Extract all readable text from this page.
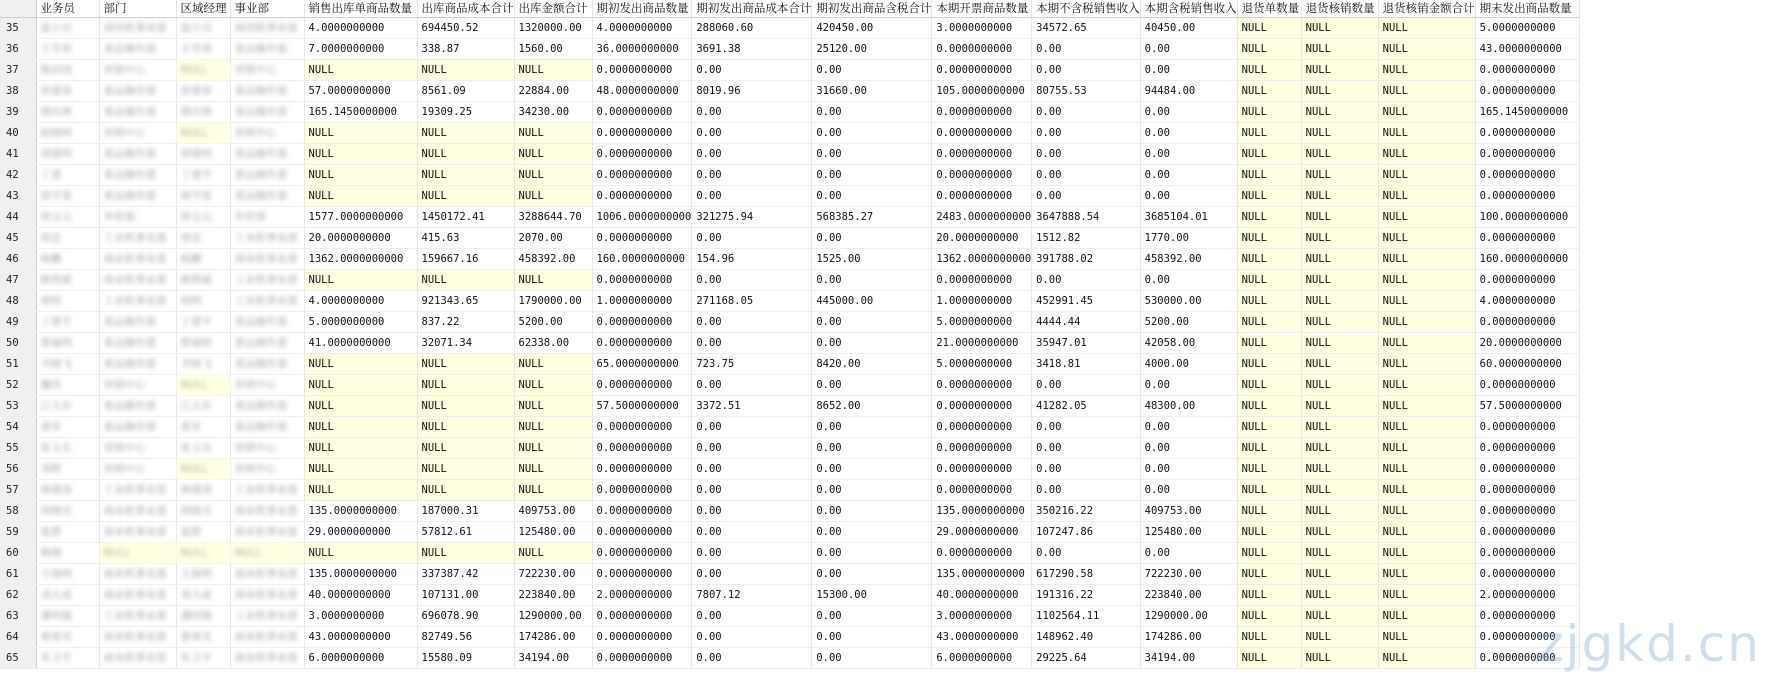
	业务员	部门	区域经理	事业部	销售出库单商品数量	出库商品成本合计	出库金额合计	期初发出商品数量	期初发出商品成本合计	期初发出商品含税合计	本期开票商品数量	本期不含税销售收入	本期含税销售收入	退货单数量	退货核销数量	退货核销金额合计	期末发出商品数量
35	温小贝	商用机事业部	温小贝	商用机事业部	4.0000000000	694450.52	1320000.00	4.0000000000	288060.60	420450.00	3.0000000000	34572.65	40450.00	NULL	NULL	NULL	5.0000000000
36	王雪春	重品操作部	王雪春	重品操作部	7.0000000000	338.87	1560.00	36.0000000000	3691.38	25120.00	0.0000000000	0.00	0.00	NULL	NULL	NULL	43.0000000000
37	陈启国	营销中心	NULL	营销中心	NULL	NULL	NULL	0.0000000000	0.00	0.00	0.0000000000	0.00	0.00	NULL	NULL	NULL	0.0000000000
38	席建春	重品操作部	席建春	重品操作部	57.0000000000	8561.09	22884.00	48.0000000000	8019.96	31660.00	105.0000000000	80755.53	94484.00	NULL	NULL	NULL	0.0000000000
39	韩庆林	重品操作部	韩庆林	重品操作部	165.1450000000	19309.25	34230.00	0.0000000000	0.00	0.00	0.0000000000	0.00	0.00	NULL	NULL	NULL	165.1450000000
40	赵晓明	营销中心	NULL	营销中心	NULL	NULL	NULL	0.0000000000	0.00	0.00	0.0000000000	0.00	0.00	NULL	NULL	NULL	0.0000000000
41	胡建明	重品操作部	胡建明	重品操作部	NULL	NULL	NULL	0.0000000000	0.00	0.00	0.0000000000	0.00	0.00	NULL	NULL	NULL	0.0000000000
42	丁建	重品操作部	丁建平	重品操作部	NULL	NULL	NULL	0.0000000000	0.00	0.00	0.0000000000	0.00	0.00	NULL	NULL	NULL	0.0000000000
43	徐学雷	重品操作部	徐学雷	重品操作部	NULL	NULL	NULL	0.0000000000	0.00	0.00	0.0000000000	0.00	0.00	NULL	NULL	NULL	0.0000000000
44	胡文元	外贸部	胡文元	外贸部	1577.0000000000	1450172.41	3288644.70	1006.0000000000	321275.94	568385.27	2483.0000000000	3647888.54	3685104.01	NULL	NULL	NULL	100.0000000000
45	徐忠	工业机事业部	徐忠	工业机事业部	20.0000000000	415.63	2070.00	0.0000000000	0.00	0.00	20.0000000000	1512.82	1770.00	NULL	NULL	NULL	0.0000000000
46	杨鹏	商业机事业部	杨鹏	商业机事业部	1362.0000000000	159667.16	458392.00	160.0000000000	154.96	1525.00	1362.0000000000	391788.02	458392.00	NULL	NULL	NULL	160.0000000000
47	顾利斌	商业机事业部	顾利斌	工业机事业部	NULL	NULL	NULL	0.0000000000	0.00	0.00	0.0000000000	0.00	0.00	NULL	NULL	NULL	0.0000000000
48	胡明	工业机事业部	胡明	工业机事业部	4.0000000000	921343.65	1790000.00	1.0000000000	271168.05	445000.00	1.0000000000	452991.45	530000.00	NULL	NULL	NULL	4.0000000000
49	丁建平	重品操作部	丁建平	重品操作部	5.0000000000	837.22	5200.00	0.0000000000	0.00	0.00	5.0000000000	4444.44	5200.00	NULL	NULL	NULL	0.0000000000
50	蔡福明	重品操作部	蔡福明	重品操作部	41.0000000000	32071.34	62338.00	0.0000000000	0.00	0.00	21.0000000000	35947.01	42058.00	NULL	NULL	NULL	20.0000000000
51	齐晓飞	重品操作部	齐晓飞	重品操作部	NULL	NULL	NULL	65.0000000000	723.75	8420.00	5.0000000000	3418.81	4000.00	NULL	NULL	NULL	60.0000000000
52	魏伟	营销中心	NULL	营销中心	NULL	NULL	NULL	0.0000000000	0.00	0.00	0.0000000000	0.00	0.00	NULL	NULL	NULL	0.0000000000
53	江大年	重品操作部	江大年	重品操作部	NULL	NULL	NULL	57.5000000000	3372.51	8652.00	0.0000000000	41282.05	48300.00	NULL	NULL	NULL	57.5000000000
54	黄军	重品操作部	黄军	重品操作部	NULL	NULL	NULL	0.0000000000	0.00	0.00	0.0000000000	0.00	0.00	NULL	NULL	NULL	0.0000000000
55	张玉先	营销中心	张玉先	营销中心	NULL	NULL	NULL	0.0000000000	0.00	0.00	0.0000000000	0.00	0.00	NULL	NULL	NULL	0.0000000000
56	刘辉	营销中心	NULL	营销中心	NULL	NULL	NULL	0.0000000000	0.00	0.00	0.0000000000	0.00	0.00	NULL	NULL	NULL	0.0000000000
57	林建涛	工业机事业部	林建涛	工业机事业部	NULL	NULL	NULL	0.0000000000	0.00	0.00	0.0000000000	0.00	0.00	NULL	NULL	NULL	0.0000000000
58	周晓光	商业机事业部	周晓光	商业机事业部	135.0000000000	187000.31	409753.00	0.0000000000	0.00	0.00	135.0000000000	350216.22	409753.00	NULL	NULL	NULL	0.0000000000
59	夏群	商业机事业部	夏群	商业机事业部	29.0000000000	57812.61	125480.00	0.0000000000	0.00	0.00	29.0000000000	107247.86	125480.00	NULL	NULL	NULL	0.0000000000
60	陈刚	NULL	NULL	NULL	NULL	NULL	NULL	0.0000000000	0.00	0.00	0.0000000000	0.00	0.00	NULL	NULL	NULL	0.0000000000
61	王海明	商业机事业部	王海明	商业机事业部	135.0000000000	337387.42	722230.00	0.0000000000	0.00	0.00	135.0000000000	617290.58	722230.00	NULL	NULL	NULL	0.0000000000
62	刘大成	商业机事业部	刘大成	商业机事业部	40.0000000000	107131.00	223840.00	2.0000000000	7807.12	15300.00	40.0000000000	191316.22	223840.00	NULL	NULL	NULL	2.0000000000
63	潘明强	工业机事业部	潘明强	工业机事业部	3.0000000000	696078.90	1290000.00	0.0000000000	0.00	0.00	3.0000000000	1102564.11	1290000.00	NULL	NULL	NULL	0.0000000000
64	蔡春光	商业机事业部	蔡春光	商业机事业部	43.0000000000	82749.56	174286.00	0.0000000000	0.00	0.00	43.0000000000	148962.40	174286.00	NULL	NULL	NULL	0.0000000000
65	朱卫平	商业机事业部	朱卫平	商业机事业部	6.0000000000	15580.09	34194.00	0.0000000000	0.00	0.00	6.0000000000	29225.64	34194.00	NULL	NULL	NULL	0.0000000000
zjgkd.cn
